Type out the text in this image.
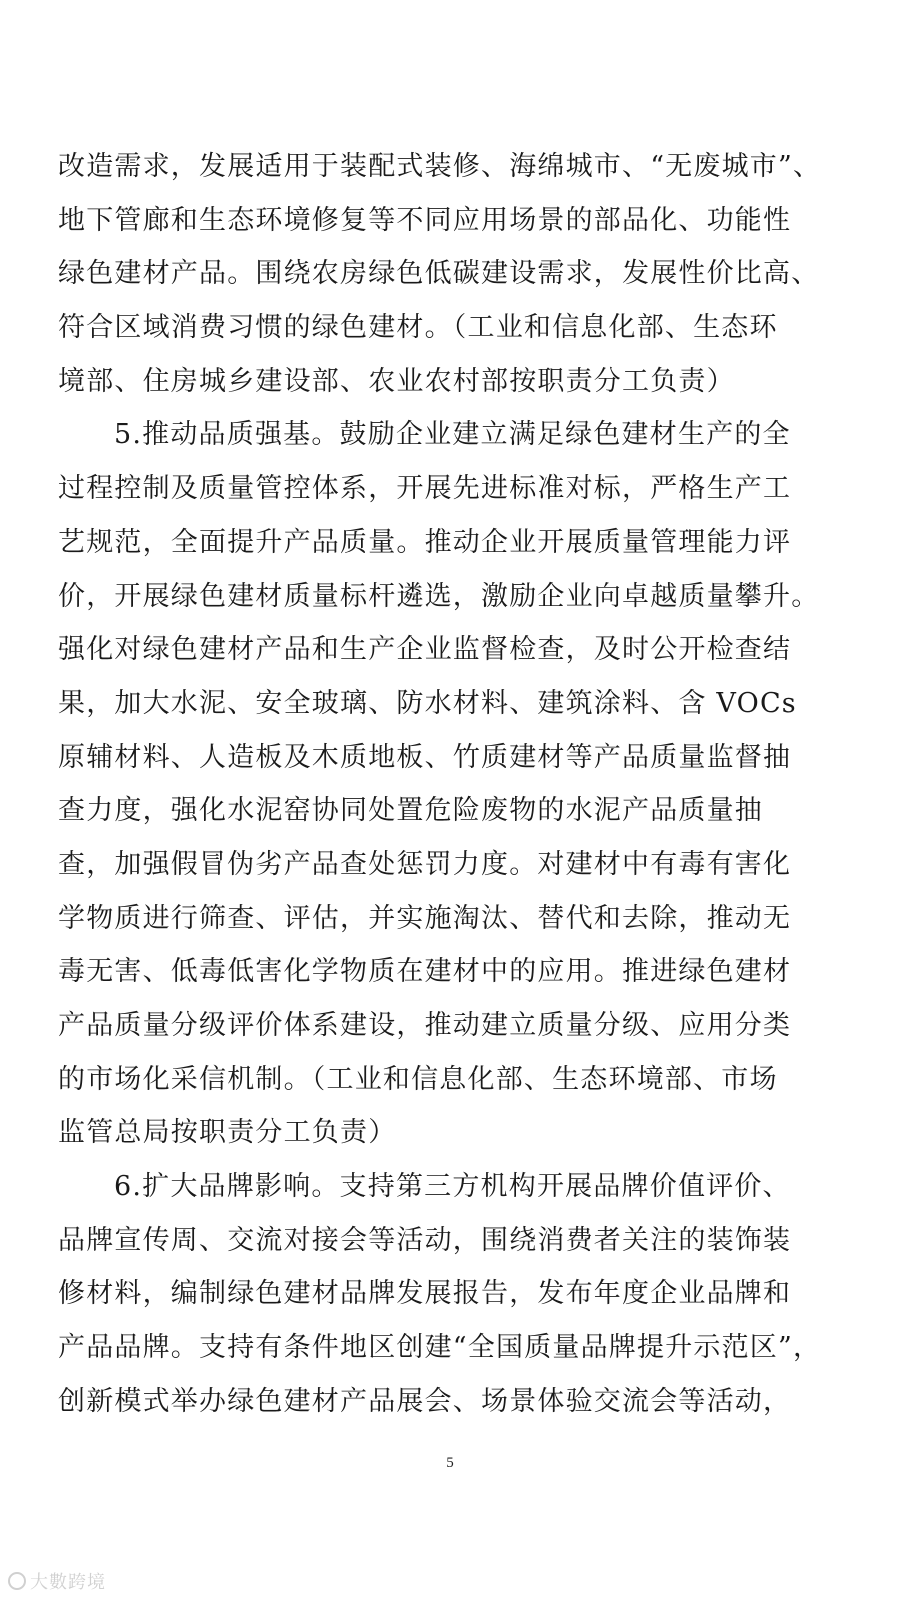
改造需求，发展适用于装配式装修、海绵城市、“无废城市”、
地下管廊和生态环境修复等不同应用场景的部品化、功能性
绿色建材产品。围绕农房绿色低碳建设需求，发展性价比高、
符合区域消费习惯的绿色建材。（工业和信息化部、生态环
境部、住房城乡建设部、农业农村部按职责分工负责）
5.推动品质强基。鼓励企业建立满足绿色建材生产的全
过程控制及质量管控体系，开展先进标准对标，严格生产工
艺规范，全面提升产品质量。推动企业开展质量管理能力评
价，开展绿色建材质量标杆遴选，激励企业向卓越质量攀升。
强化对绿色建材产品和生产企业监督检查，及时公开检查结
果，加大水泥、安全玻璃、防水材料、建筑涂料、含 VOCs
原辅材料、人造板及木质地板、竹质建材等产品质量监督抽
查力度，强化水泥窑协同处置危险废物的水泥产品质量抽
查，加强假冒伪劣产品查处惩罚力度。对建材中有毒有害化
学物质进行筛查、评估，并实施淘汰、替代和去除，推动无
毒无害、低毒低害化学物质在建材中的应用。推进绿色建材
产品质量分级评价体系建设，推动建立质量分级、应用分类
的市场化采信机制。（工业和信息化部、生态环境部、市场
监管总局按职责分工负责）
6.扩大品牌影响。支持第三方机构开展品牌价值评价、
品牌宣传周、交流对接会等活动，围绕消费者关注的装饰装
修材料，编制绿色建材品牌发展报告，发布年度企业品牌和
产品品牌。支持有条件地区创建“全国质量品牌提升示范区”，
创新模式举办绿色建材产品展会、场景体验交流会等活动，
5
大數跨境
